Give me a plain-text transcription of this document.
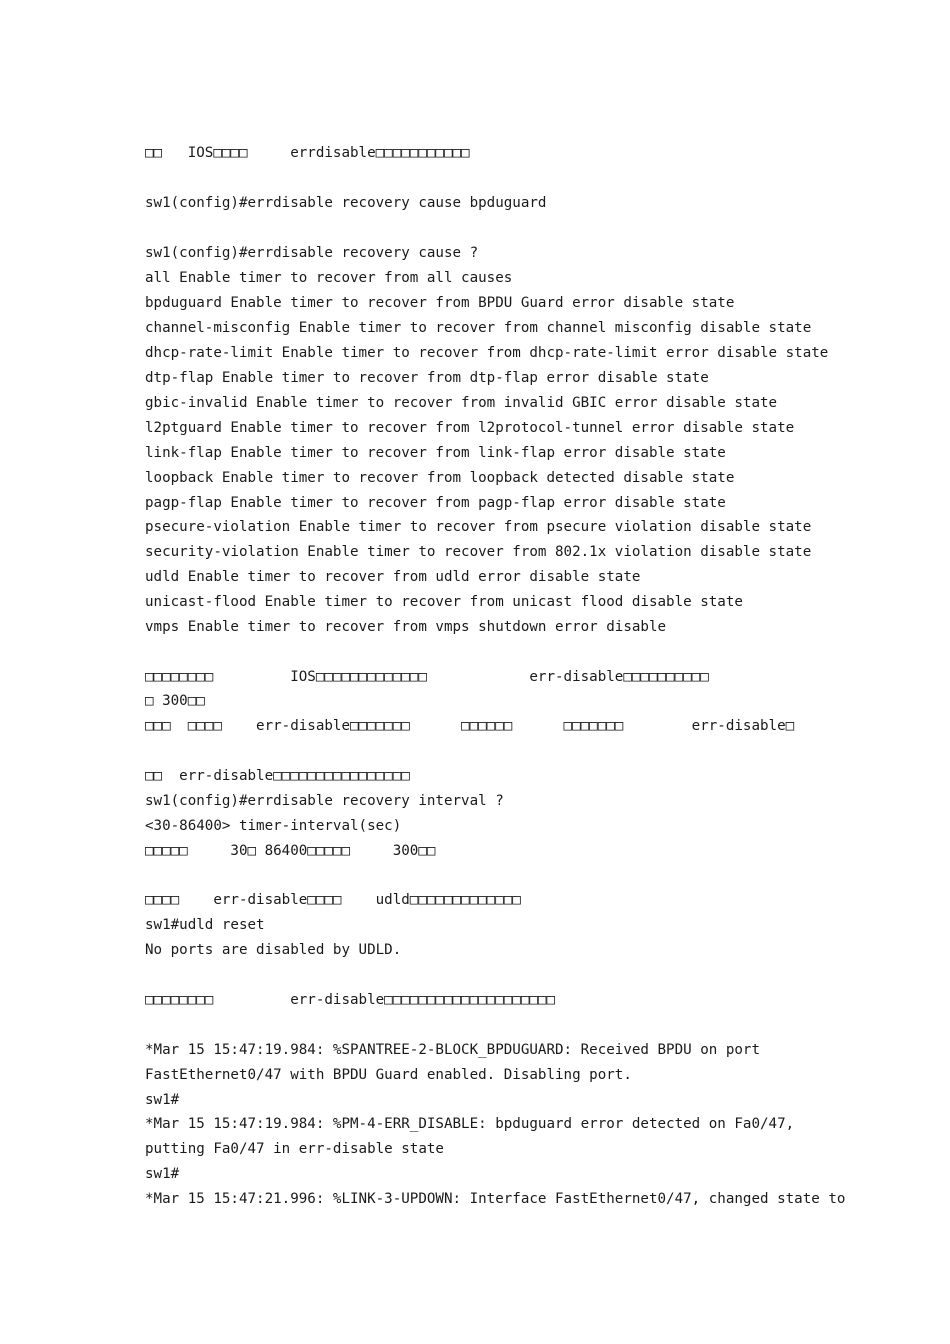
□□   IOS□□□□     errdisable□□□□□□□□□□□

sw1(config)#errdisable recovery cause bpduguard

sw1(config)#errdisable recovery cause ?

all Enable timer to recover from all causes

bpduguard Enable timer to recover from BPDU Guard error disable state

channel-misconfig Enable timer to recover from channel misconfig disable state

dhcp-rate-limit Enable timer to recover from dhcp-rate-limit error disable state

dtp-flap Enable timer to recover from dtp-flap error disable state

gbic-invalid Enable timer to recover from invalid GBIC error disable state

l2ptguard Enable timer to recover from l2protocol-tunnel error disable state

link-flap Enable timer to recover from link-flap error disable state

loopback Enable timer to recover from loopback detected disable state

pagp-flap Enable timer to recover from pagp-flap error disable state

psecure-violation Enable timer to recover from psecure violation disable state

security-violation Enable timer to recover from 802.1x violation disable state

udld Enable timer to recover from udld error disable state

unicast-flood Enable timer to recover from unicast flood disable state

vmps Enable timer to recover from vmps shutdown error disable

□□□□□□□□         IOS□□□□□□□□□□□□□            err-disable□□□□□□□□□□

□ 300□□

□□□  □□□□    err-disable□□□□□□□      □□□□□□      □□□□□□□        err-disable□

□□  err-disable□□□□□□□□□□□□□□□□

sw1(config)#errdisable recovery interval ?

<30-86400> timer-interval(sec)

□□□□□     30□ 86400□□□□□     300□□

□□□□    err-disable□□□□    udld□□□□□□□□□□□□□

sw1#udld reset

No ports are disabled by UDLD.

□□□□□□□□         err-disable□□□□□□□□□□□□□□□□□□□□

*Mar 15 15:47:19.984: %SPANTREE-2-BLOCK_BPDUGUARD: Received BPDU on port

FastEthernet0/47 with BPDU Guard enabled. Disabling port.

sw1#

*Mar 15 15:47:19.984: %PM-4-ERR_DISABLE: bpduguard error detected on Fa0/47,

putting Fa0/47 in err-disable state

sw1#

*Mar 15 15:47:21.996: %LINK-3-UPDOWN: Interface FastEthernet0/47, changed state to
